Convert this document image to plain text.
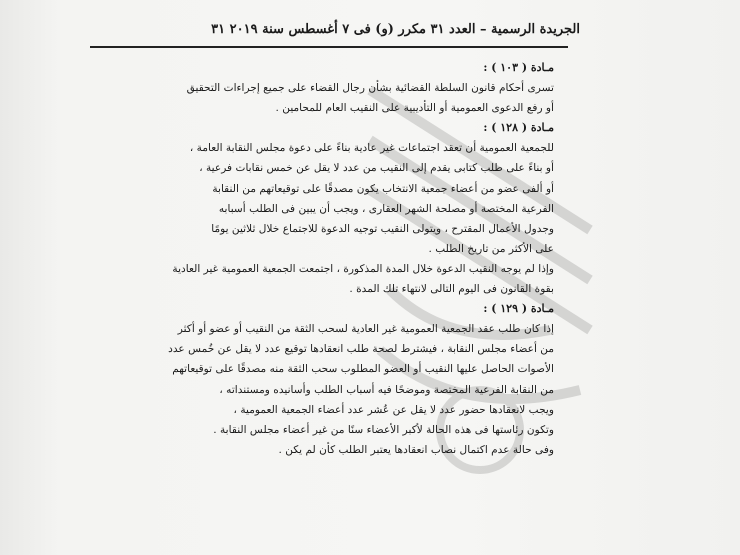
الجريدة الرسمية – العدد ٣١ مكرر (و) فى ٧ أغسطس سنة ٢٠١٩ ٣١

مـادة ( ١٠٣ ) :

تسرى أحكام قانون السلطة القضائية بشأن رجال القضاء على جميع إجراءات التحقيق

أو رفع الدعوى العمومية أو التأديبية على النقيب العام للمحامين .

مـادة ( ١٢٨ ) :

للجمعية العمومية أن تعقد اجتماعات غير عادية بناءً على دعوة مجلس النقابة العامة ،

أو بناءً على طلب كتابى يقدم إلى النقيب من عدد لا يقل عن خمس نقابات فرعية ،

أو ألفى عضو من أعضاء جمعية الانتخاب يكون مصدقًا على توقيعاتهم من النقابة

الفرعية المختصة أو مصلحة الشهر العقارى ، ويجب أن يبين فى الطلب أسبابه

وجدول الأعمال المقترح ، ويتولى النقيب توجيه الدعوة للاجتماع خلال ثلاثين يومًا

على الأكثر من تاريخ الطلب .

وإذا لم يوجه النقيب الدعوة خلال المدة المذكورة ، اجتمعت الجمعية العمومية غير العادية

بقوة القانون فى اليوم التالى لانتهاء تلك المدة .

مـادة ( ١٢٩ ) :

إذا كان طلب عقد الجمعية العمومية غير العادية لسحب الثقة من النقيب أو عضو أو أكثر

من أعضاء مجلس النقابة ، فيشترط لصحة طلب انعقادها توقيع عدد لا يقل عن خُمس عدد

الأصوات الحاصل عليها النقيب أو العضو المطلوب سحب الثقة منه مصدقًا على توقيعاتهم

من النقابة الفرعية المختصة وموضحًا فيه أسباب الطلب وأسانيده ومستنداته ،

ويجب لانعقادها حضور عدد لا يقل عن عُشر عدد أعضاء الجمعية العمومية ،

وتكون رئاستها فى هذه الحالة لأكبر الأعضاء سنًا من غير أعضاء مجلس النقابة .

وفى حالة عدم اكتمال نصاب انعقادها يعتبر الطلب كأن لم يكن .
